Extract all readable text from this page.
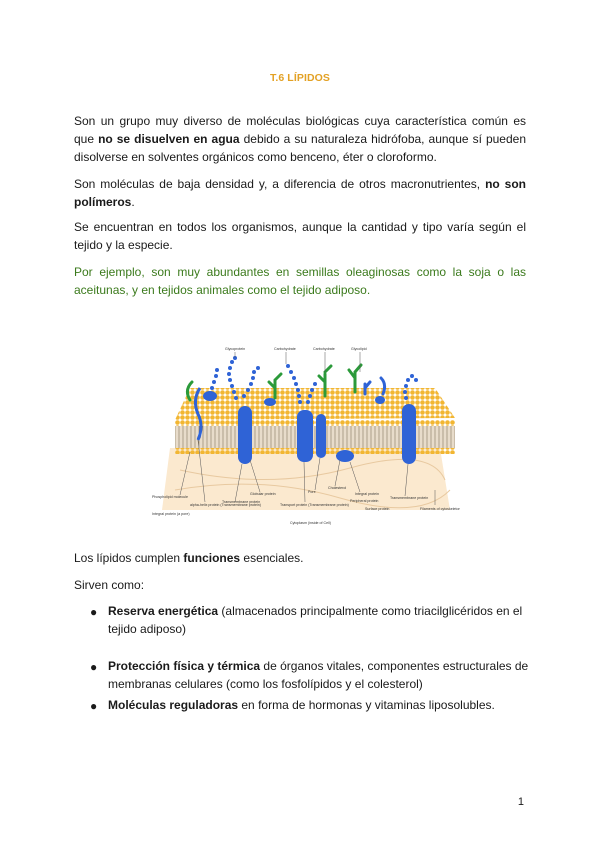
T.6 LÍPIDOS

Son un grupo muy diverso de moléculas biológicas cuya característica común es que no se disuelven en agua debido a su naturaleza hidrófoba, aunque sí pueden disolverse en solventes orgánicos como benceno, éter o cloroformo.

Son moléculas de baja densidad y, a diferencia de otros macronutrientes, no son polímeros.

Se encuentran en todos los organismos, aunque la cantidad y tipo varía según el tejido y la especie.

Por ejemplo, son muy abundantes en semillas oleaginosas como la soja o las aceitunas, y en tejidos animales como el tejido adiposo.

Glycoprotein	Carbohydrate	Carbohydrate	Glycolipid
Phospholipid molecule
alpha-helix protein (Transmembrane protein)
Integral protein (a pore)
Globular protein
Transmembrane protein
Transport protein (Transmembrane protein)
Pore
Cholesterol
Integral protein
Peripheral protein
Surface protein
Transmembrane protein
Filaments of cytoskeleton
Cytoplasm (inside of Cell)

Los lípidos cumplen funciones esenciales.

Sirven como:

● Reserva energética (almacenados principalmente como triacilglicéridos en el tejido adiposo)
● Protección física y térmica de órganos vitales, componentes estructurales de membranas celulares (como los fosfolípidos y el colesterol)
● Moléculas reguladoras en forma de hormonas y vitaminas liposolubles.
1
